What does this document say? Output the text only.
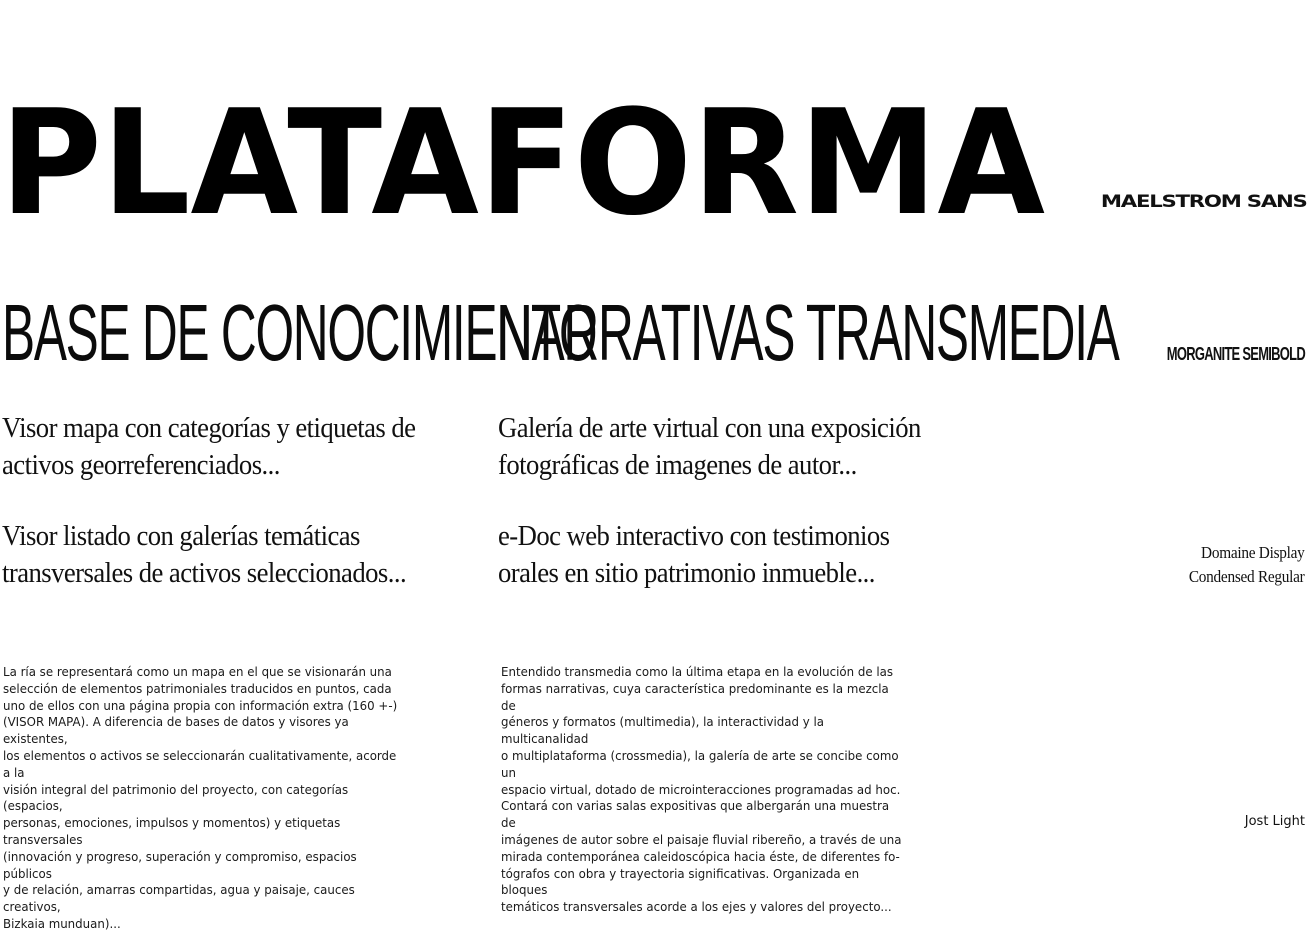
PLATAFORMA	MAELSTROM SANS
BASE DE CONOCIMIENTO
NARRATIVAS TRANSMEDIA

Visor mapa con categorías y etiquetas de
activos georreferenciados...

Visor listado con galerías temáticas
transversales de activos seleccionados...

Galería de arte virtual con una exposición
fotográficas de imagenes de autor...

e-Doc web interactivo con testimonios
orales en sitio patrimonio inmueble...

La ría se representará como un mapa en el que se visionarán una
selección de elementos patrimoniales traducidos en puntos, cada
uno de ellos con una página propia con información extra (160 +-)
(VISOR MAPA). A diferencia de bases de datos y visores ya existentes,
los elementos o activos se seleccionarán cualitativamente, acorde a la
visión integral del patrimonio del proyecto, con categorías (espacios,
personas, emociones, impulsos y momentos) y etiquetas transversales
(innovación y progreso, superación y compromiso, espacios públicos
y de relación, amarras compartidas, agua y paisaje, cauces creativos,
Bizkaia munduan)...

Entendido transmedia como la última etapa en la evolución de las
formas narrativas, cuya característica predominante es la mezcla de
géneros y formatos (multimedia), la interactividad y la multicanalidad
o multiplataforma (crossmedia), la galería de arte se concibe como un
espacio virtual, dotado de microinteracciones programadas ad hoc.
Contará con varias salas expositivas que albergarán una muestra de
imágenes de autor sobre el paisaje fluvial ribereño, a través de una
mirada contemporánea caleidoscópica hacia éste, de diferentes fo-
tógrafos con obra y trayectoria significativas. Organizada en bloques
temáticos transversales acorde a los ejes y valores del proyecto...

MORGANITE SEMIBOLD

Domaine Display
Condensed Regular

Jost Light
